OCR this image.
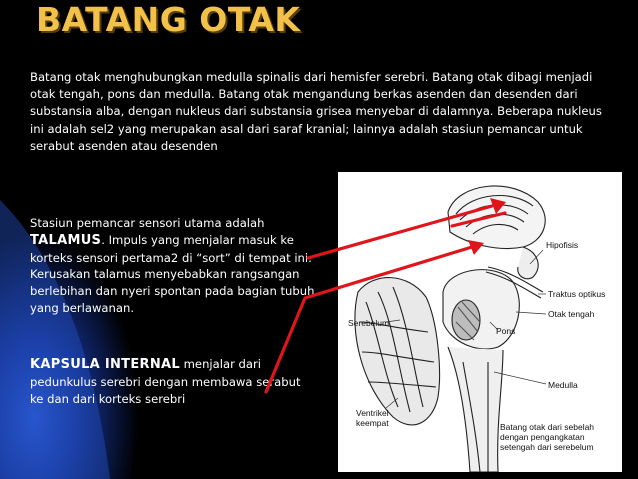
BATANG OTAK

Batang otak menghubungkan medulla spinalis dari hemisfer serebri. Batang otak dibagi menjadi otak tengah, pons dan medulla. Batang otak mengandung berkas asenden dan desenden dari substansia alba, dengan nukleus dari substansia grisea menyebar di dalamnya. Beberapa nukleus ini adalah sel2 yang merupakan asal dari saraf kranial; lainnya adalah stasiun pemancar untuk serabut asenden atau desenden

Stasiun pemancar sensori utama adalah
TALAMUS. Impuls yang menjalar masuk ke korteks sensori pertama2 di “sort” di tempat ini. Kerusakan talamus menyebabkan rangsangan berlebihan dan nyeri spontan pada bagian tubuh yang berlawanan.

KAPSULA INTERNAL menjalar dari pedunkulus serebri dengan membawa serabut ke dan dari korteks serebri

Hipofisis

Traktus optikus

Otak tengah

Pons

Serebelum

Medulla

Ventrikel

keempat	Batang otak dari sebelah

dengan pengangkatan

setengah dari serebelum
